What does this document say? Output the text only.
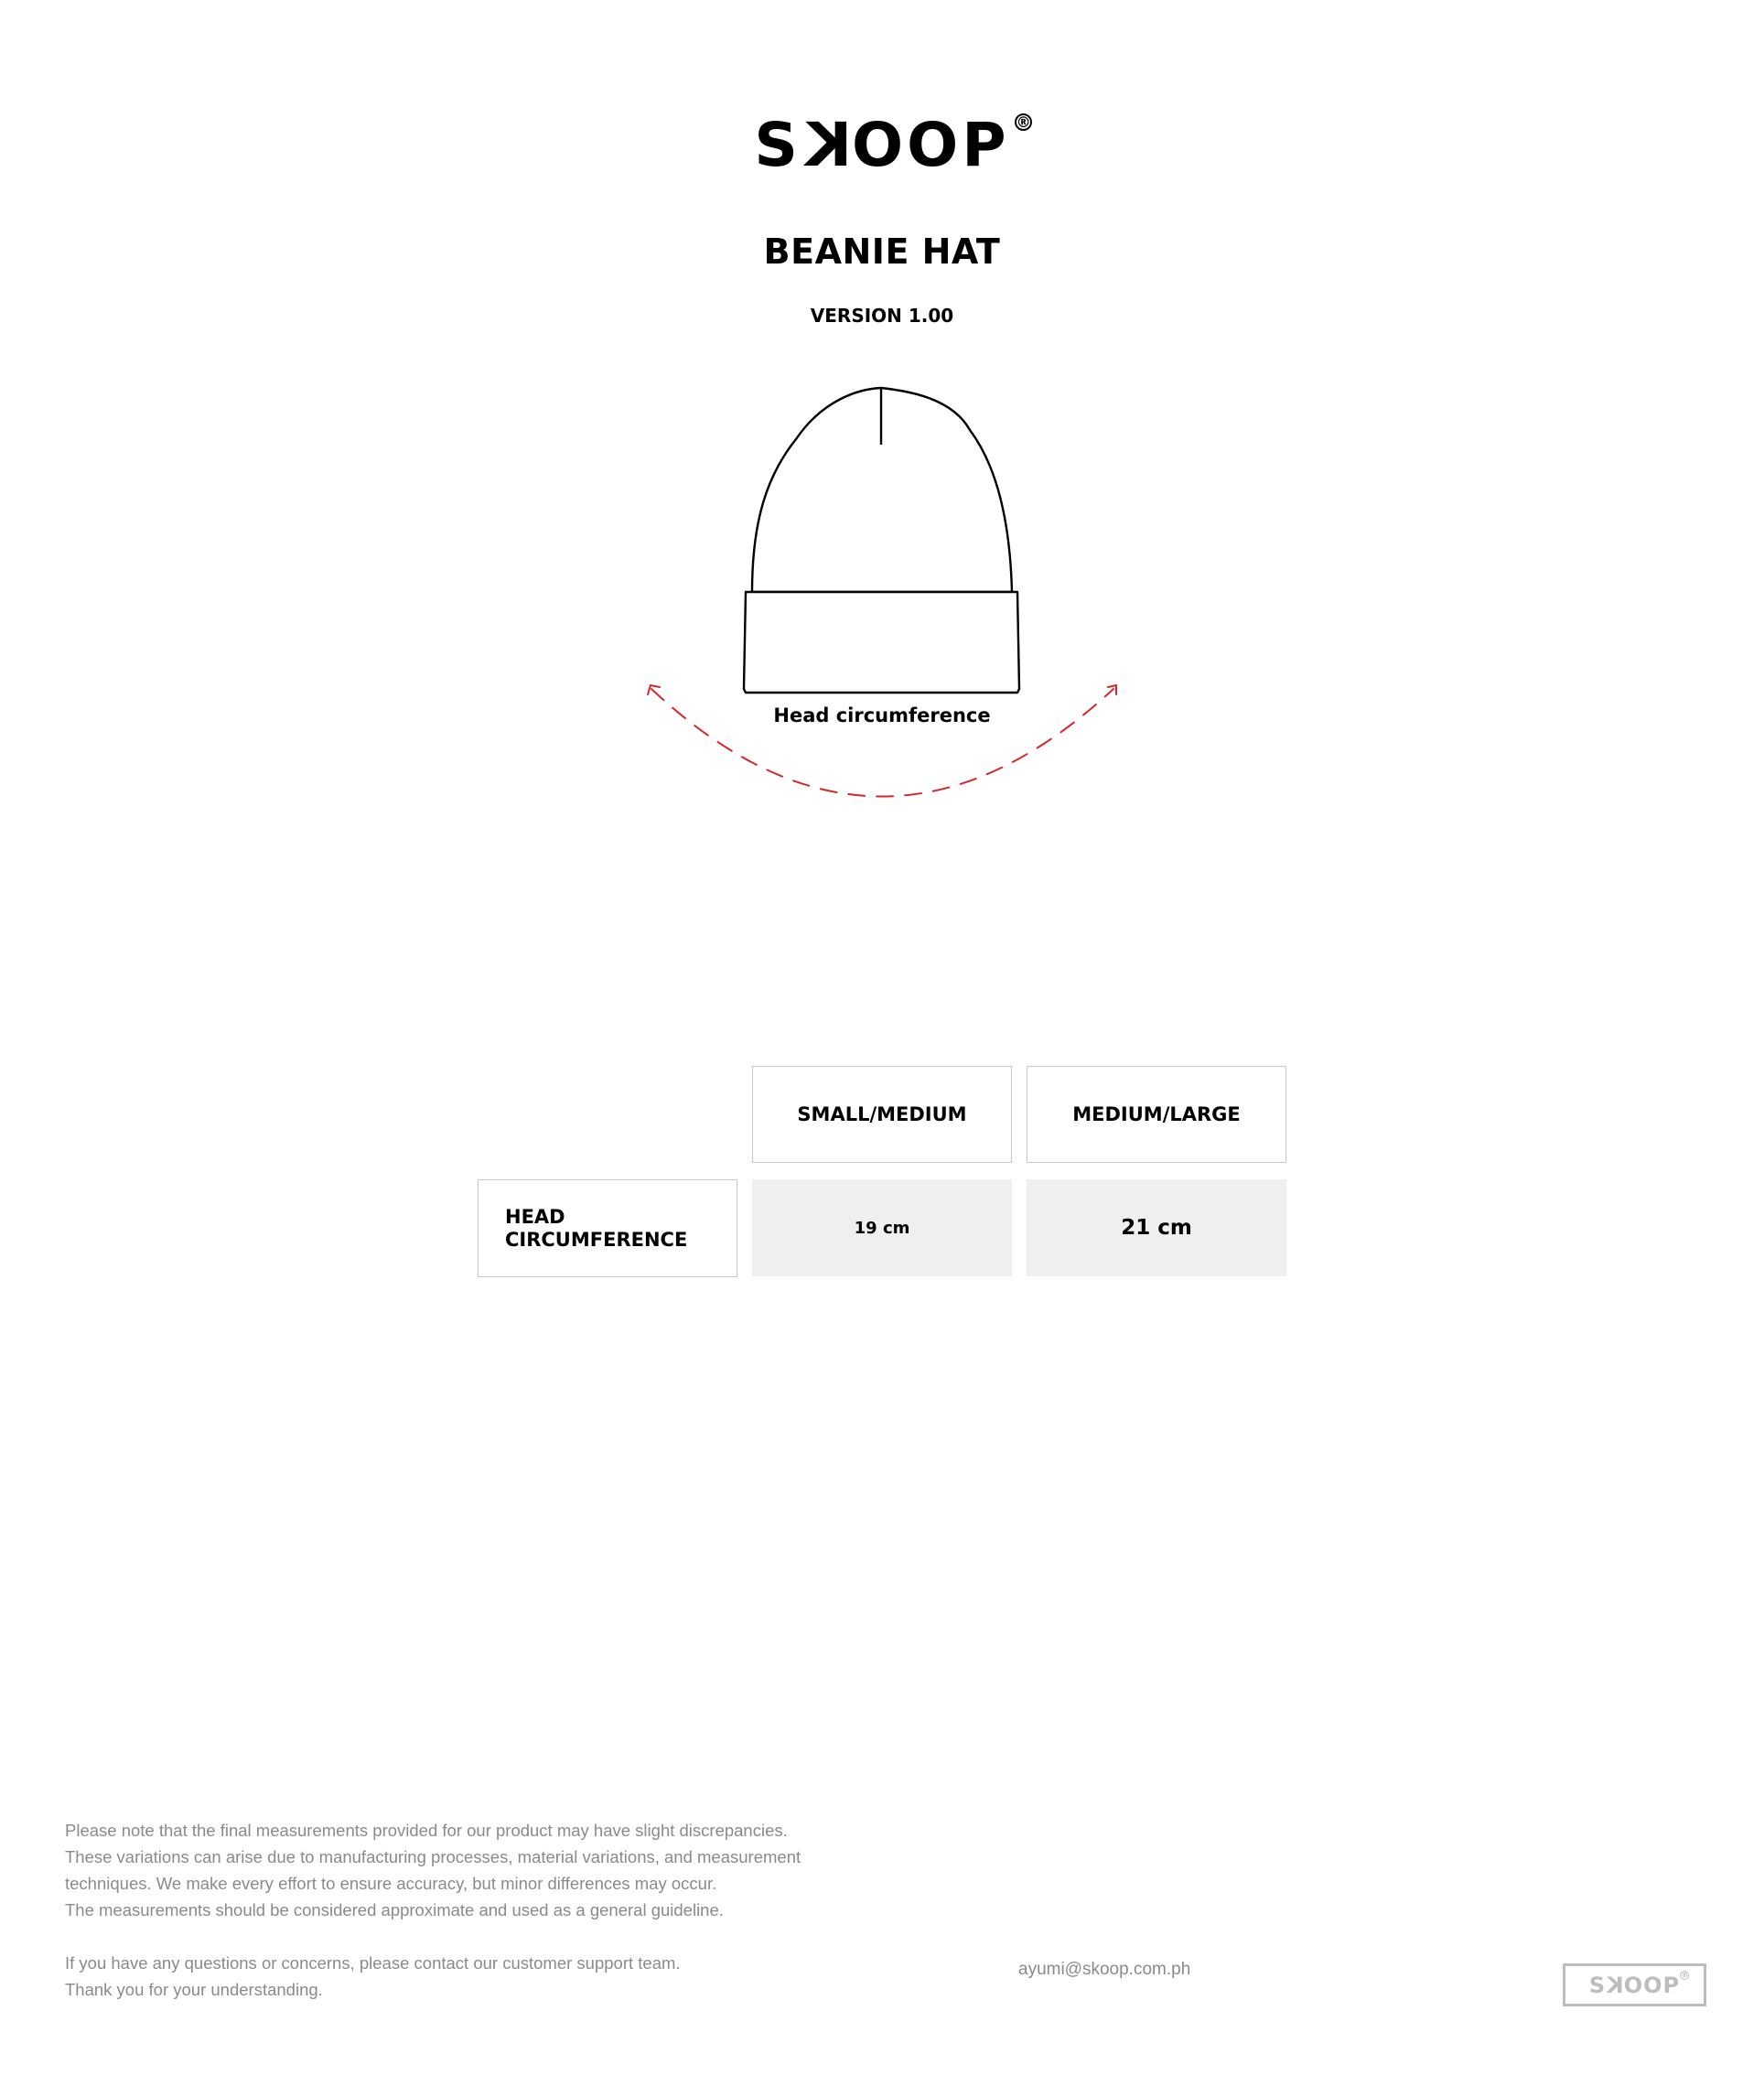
SKOOP ®
BEANIE HAT
VERSION 1.00
Head circumference
SMALL/MEDIUM	MEDIUM/LARGE
HEAD
CIRCUMFERENCE
19 cm	21 cm

Please note that the final measurements provided for our product may have slight discrepancies.

These variations can arise due to manufacturing processes, material variations, and measurement

techniques. We make every effort to ensure accuracy, but minor differences may occur.

The measurements should be considered approximate and used as a general guideline.

If you have any questions or concerns, please contact our customer support team.

Thank you for your understanding.

ayumi@skoop.com.ph
SKOOP ®
